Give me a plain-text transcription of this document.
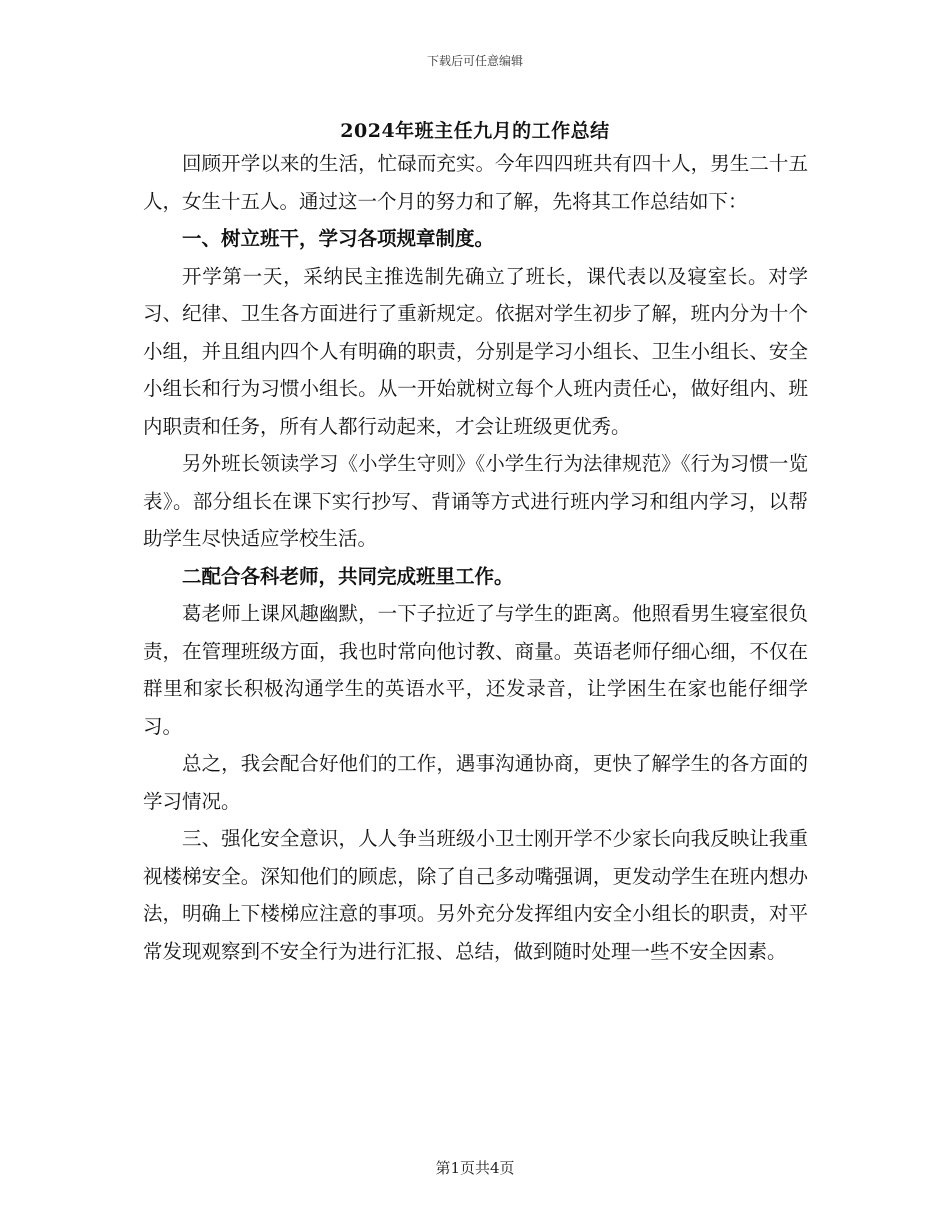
下载后可任意编辑
2024年班主任九月的工作总结

回顾开学以来的生活，忙碌而充实。今年四四班共有四十人，男生二十五人，女生十五人。通过这一个月的努力和了解，先将其工作总结如下：

一、树立班干，学习各项规章制度。

开学第一天，采纳民主推选制先确立了班长，课代表以及寝室长。对学习、纪律、卫生各方面进行了重新规定。依据对学生初步了解，班内分为十个小组，并且组内四个人有明确的职责，分别是学习小组长、卫生小组长、安全小组长和行为习惯小组长。从一开始就树立每个人班内责任心，做好组内、班内职责和任务，所有人都行动起来，才会让班级更优秀。

另外班长领读学习《小学生守则》《小学生行为法律规范》《行为习惯一览表》。部分组长在课下实行抄写、背诵等方式进行班内学习和组内学习，以帮助学生尽快适应学校生活。

二配合各科老师，共同完成班里工作。

葛老师上课风趣幽默，一下子拉近了与学生的距离。他照看男生寝室很负责，在管理班级方面，我也时常向他讨教、商量。英语老师仔细心细，不仅在群里和家长积极沟通学生的英语水平，还发录音，让学困生在家也能仔细学习。

总之，我会配合好他们的工作，遇事沟通协商，更快了解学生的各方面的学习情况。

三、强化安全意识，人人争当班级小卫士刚开学不少家长向我反映让我重视楼梯安全。深知他们的顾虑，除了自己多动嘴强调，更发动学生在班内想办法，明确上下楼梯应注意的事项。另外充分发挥组内安全小组长的职责，对平常发现观察到不安全行为进行汇报、总结，做到随时处理一些不安全因素。

第1页共4页
